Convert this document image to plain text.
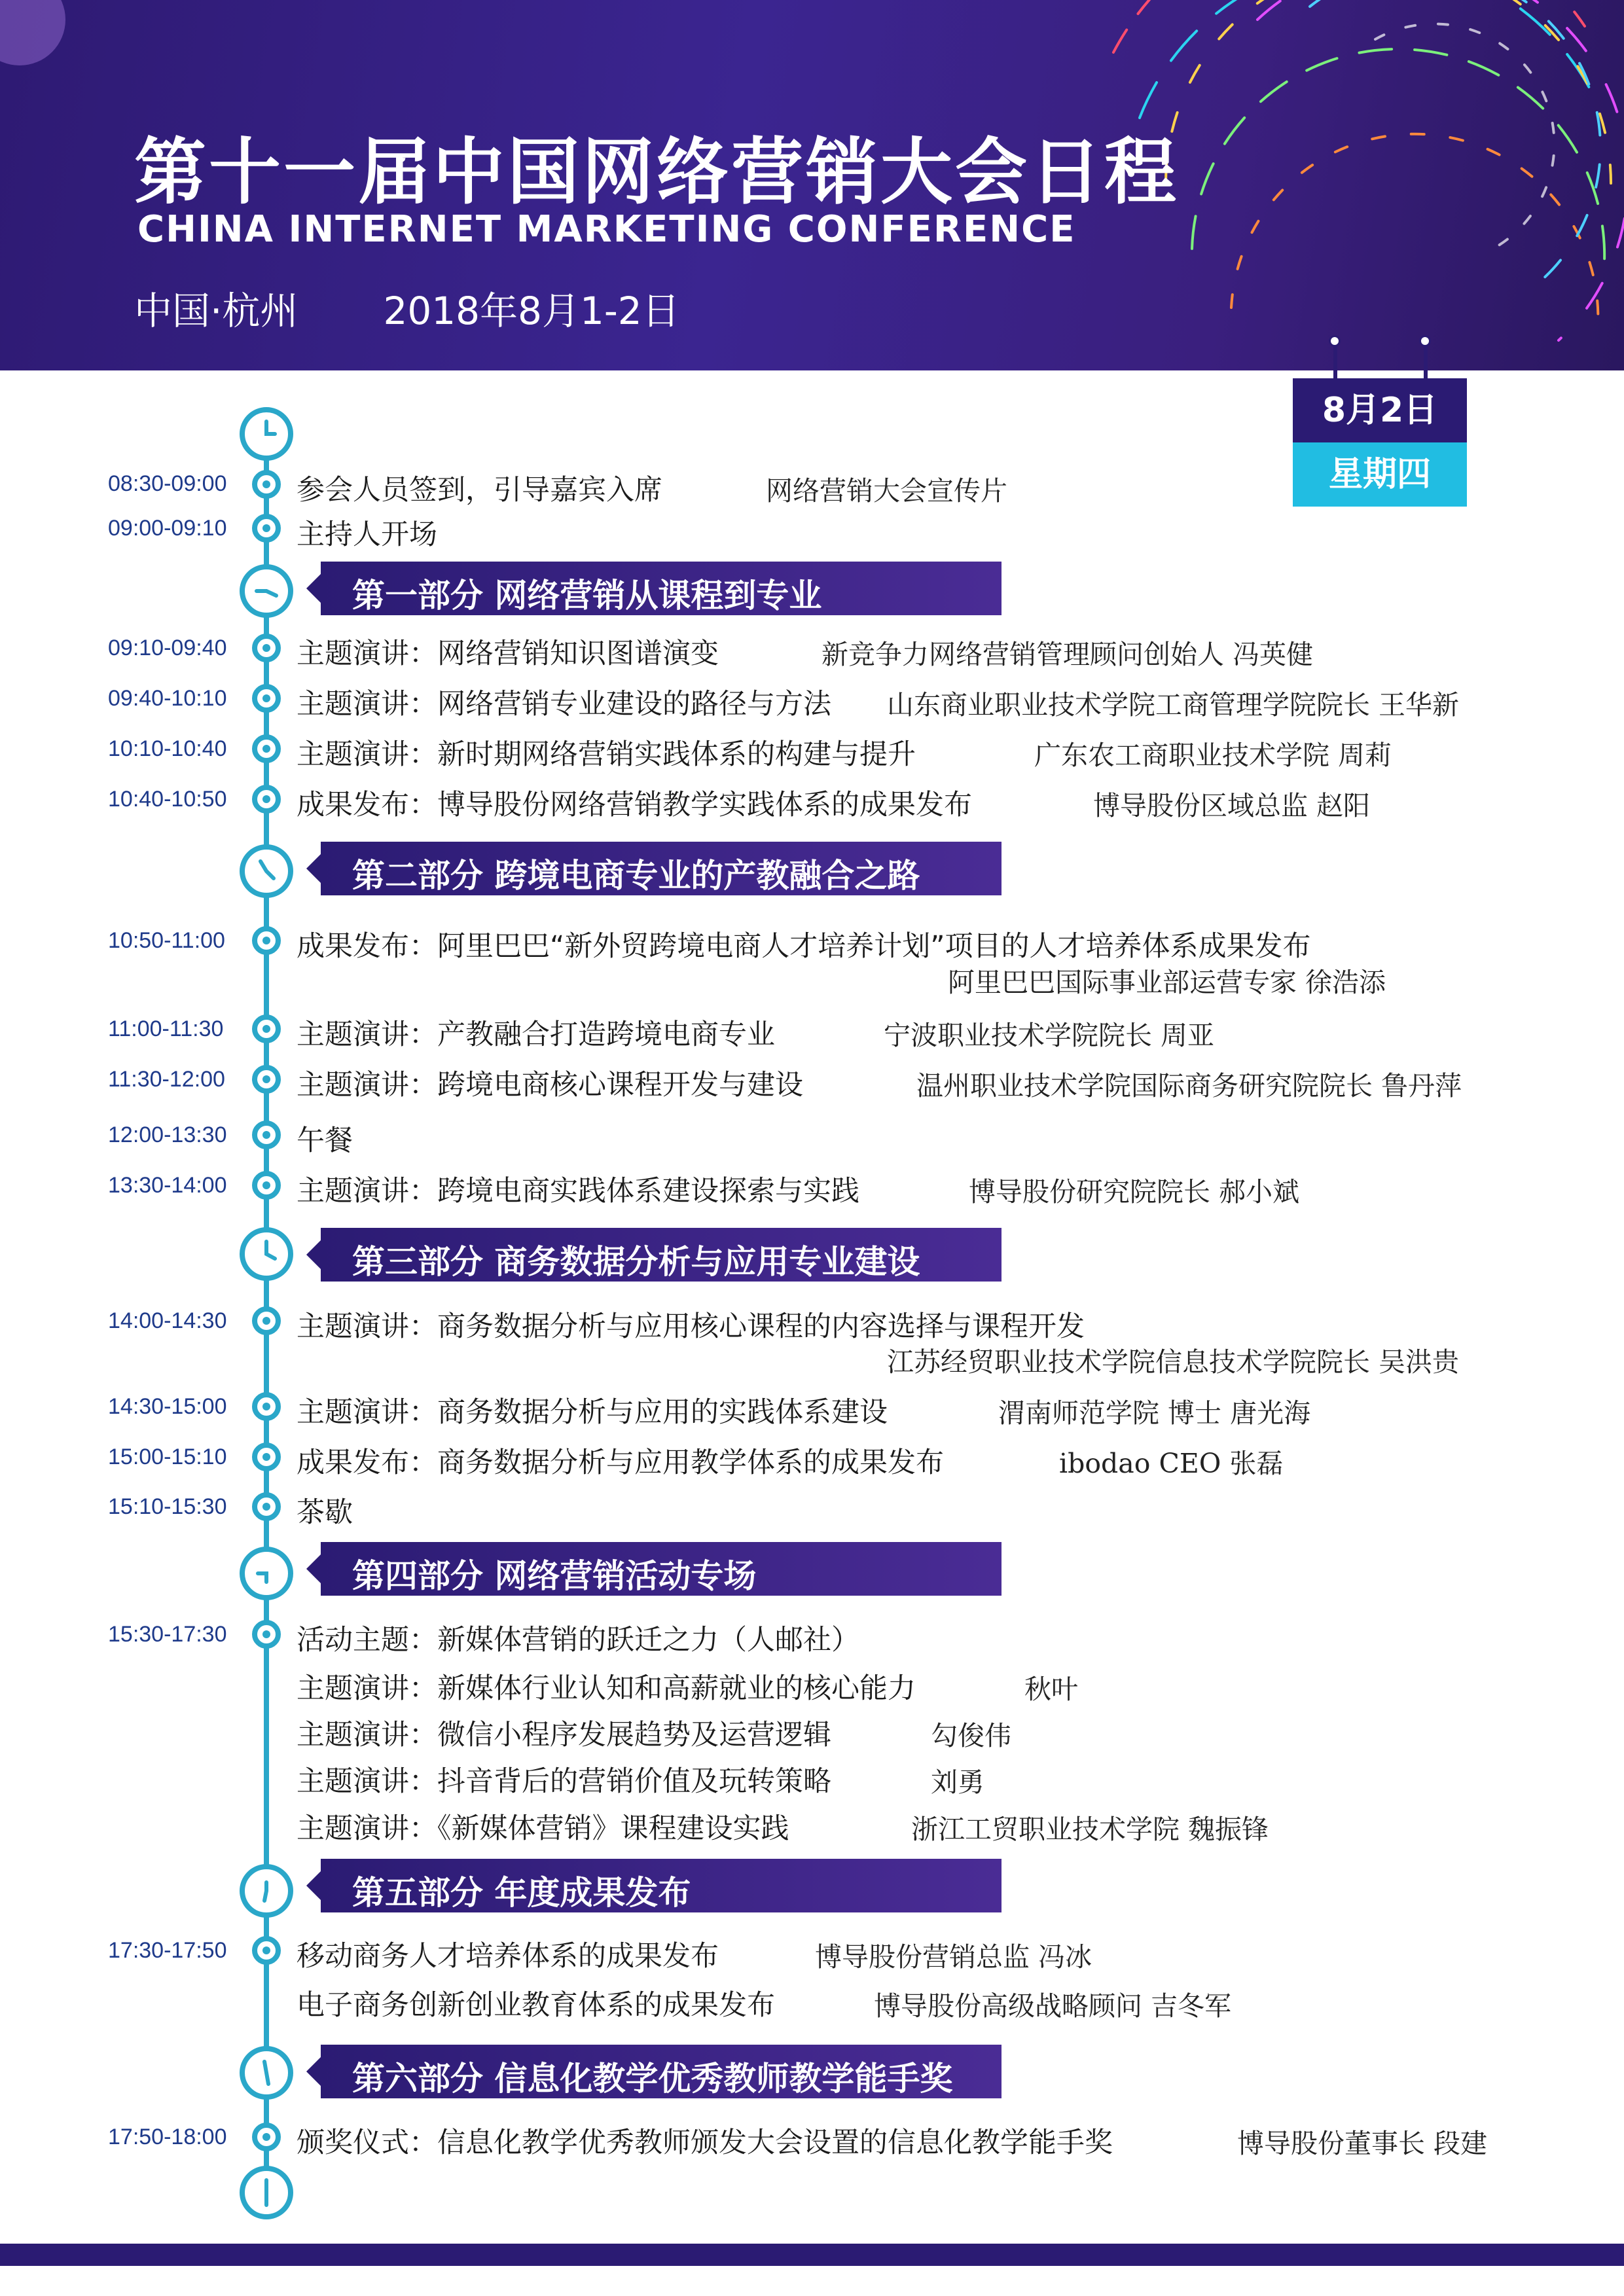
第十一届中国网络营销大会日程
CHINA INTERNET MARKETING CONFERENCE
中国·杭州 2018年8月1-2日
8月2日
星期四
第一部分 网络营销从课程到专业
第二部分 跨境电商专业的产教融合之路
第三部分 商务数据分析与应用专业建设
第四部分 网络营销活动专场
第五部分 年度成果发布
第六部分 信息化教学优秀教师教学能手奖
08:30-09:00	参会人员签到，引导嘉宾入席	网络营销大会宣传片
09:00-09:10	主持人开场
09:10-09:40	主题演讲：网络营销知识图谱演变	新竞争力网络营销管理顾问创始人 冯英健
09:40-10:10	主题演讲：网络营销专业建设的路径与方法 山东商业职业技术学院工商管理学院院长 王华新
10:10-10:40	主题演讲：新时期网络营销实践体系的构建与提升	广东农工商职业技术学院 周莉
10:40-10:50	成果发布：博导股份网络营销教学实践体系的成果发布	博导股份区域总监 赵阳
10:50-11:00	成果发布：阿里巴巴“新外贸跨境电商人才培养计划”项目的人才培养体系成果发布
阿里巴巴国际事业部运营专家 徐浩添
11:00-11:30	主题演讲：产教融合打造跨境电商专业	宁波职业技术学院院长 周亚
11:30-12:00	主题演讲：跨境电商核心课程开发与建设	温州职业技术学院国际商务研究院院长 鲁丹萍
12:00-13:30	午餐
13:30-14:00	主题演讲：跨境电商实践体系建设探索与实践	博导股份研究院院长 郝小斌
14:00-14:30	主题演讲：商务数据分析与应用核心课程的内容选择与课程开发
江苏经贸职业技术学院信息技术学院院长 吴洪贵
14:30-15:00	主题演讲：商务数据分析与应用的实践体系建设	渭南师范学院 博士 唐光海
15:00-15:10	成果发布：商务数据分析与应用教学体系的成果发布	ibodao CEO 张磊
15:10-15:30	茶歇
15:30-17:30	活动主题：新媒体营销的跃迁之力（人邮社）
主题演讲：新媒体行业认知和高薪就业的核心能力	秋叶
主题演讲：微信小程序发展趋势及运营逻辑	勾俊伟
主题演讲：抖音背后的营销价值及玩转策略	刘勇
主题演讲：《新媒体营销》课程建设实践	浙江工贸职业技术学院 魏振锋
17:30-17:50	移动商务人才培养体系的成果发布	博导股份营销总监 冯冰
电子商务创新创业教育体系的成果发布	博导股份高级战略顾问 吉冬军
17:50-18:00	颁奖仪式：信息化教学优秀教师颁发大会设置的信息化教学能手奖	博导股份董事长 段建
